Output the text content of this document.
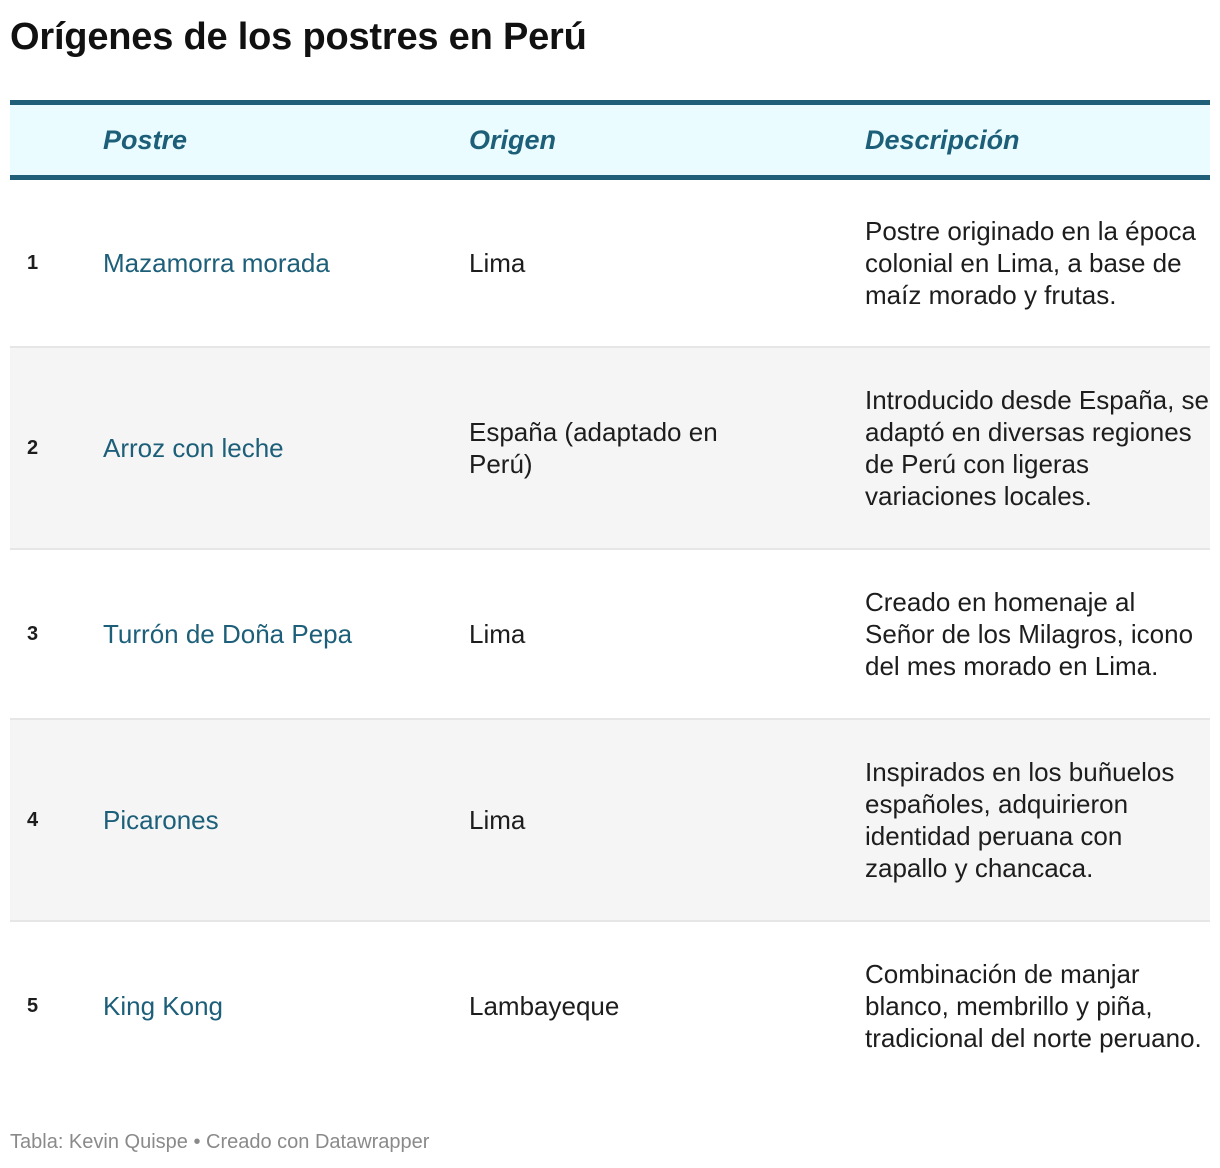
Orígenes de los postres en Perú
	Postre	Origen	Descripción
1	Mazamorra morada	Lima	Postre originado en la época colonial en Lima, a base de maíz morado y frutas.
2	Arroz con leche	España (adaptado en Perú)	Introducido desde España, se adaptó en diversas regiones de Perú con ligeras variaciones locales.
3	Turrón de Doña Pepa	Lima	Creado en homenaje al Señor de los Milagros, icono del mes morado en Lima.
4	Picarones	Lima	Inspirados en los buñuelos españoles, adquirieron identidad peruana con zapallo y chancaca.
5	King Kong	Lambayeque	Combinación de manjar blanco, membrillo y piña, tradicional del norte peruano.
Tabla: Kevin Quispe • Creado con Datawrapper
